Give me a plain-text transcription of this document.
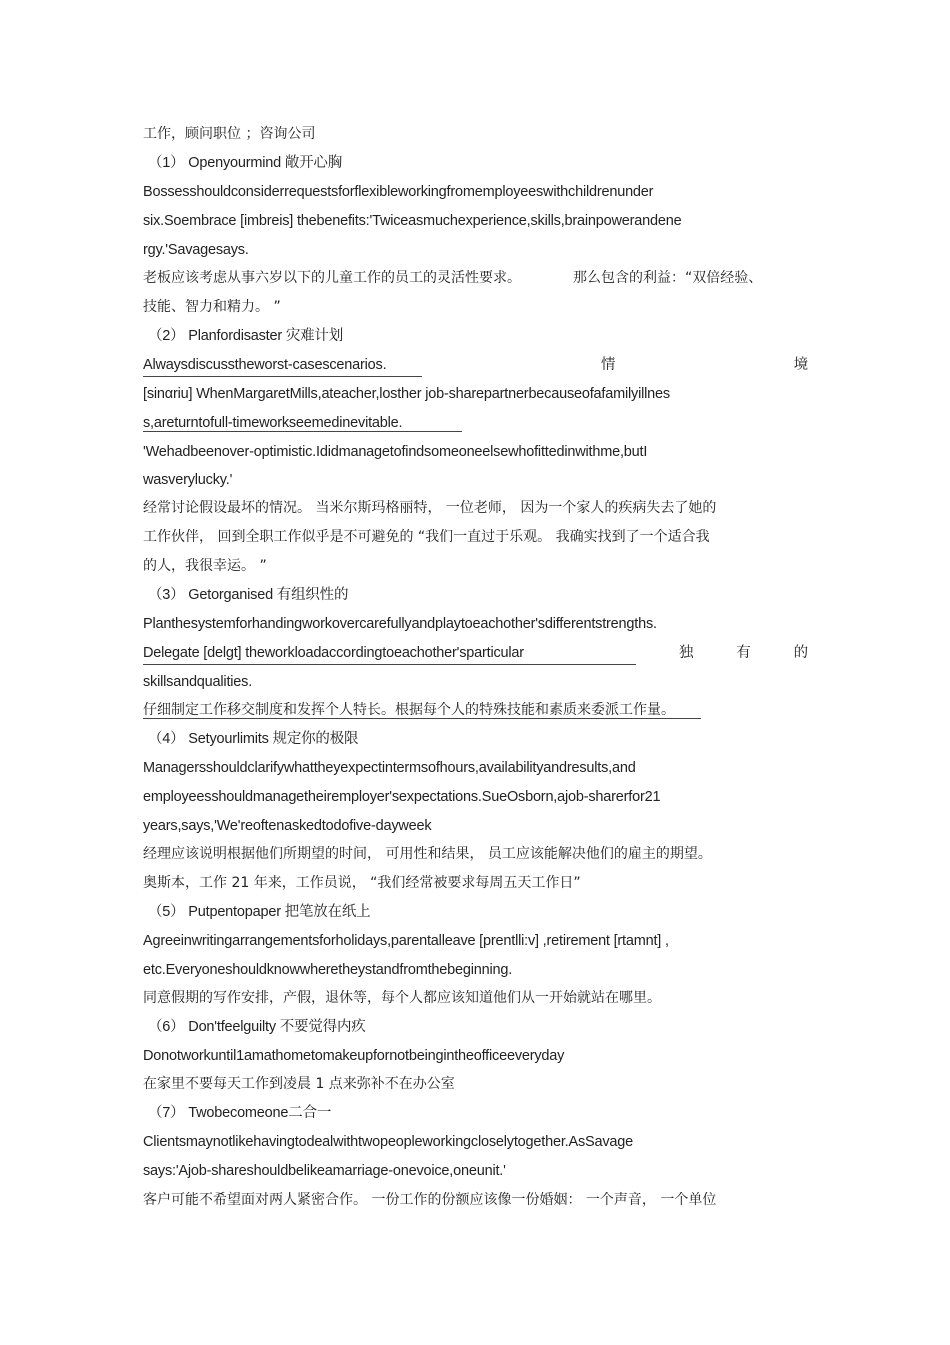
工作，顾问职位 ；咨询公司
（1） Openyourmind 敞开心胸
Bossesshouldconsiderrequestsforflexibleworkingfromemployeeswithchildrenunder
six.Soembrace [imbreis] thebenefits:'Twiceasmuchexperience,skills,brainpowerandene
rgy.'Savagesays.
老板应该考虑从事六岁以下的儿童工作的员工的灵活性要求。	那么包含的利益：“双倍经验、
技能、智力和精力。 ”
（2） Planfordisaster 灾难计划
Alwaysdiscusstheworst-casescenarios.	情	境
[sinαriu] WhenMargaretMills,ateacher,losther job-sharepartnerbecauseofafamilyillnes
s,areturntofull-timeworkseemedinevitable.
'Wehadbeenover-optimistic.Ididmanagetofindsomeoneelsewhofittedinwithme,butI
wasverylucky.'
经常讨论假设最坏的情况。 当米尔斯玛格丽特， 一位老师， 因为一个家人的疾病失去了她的
工作伙伴， 回到全职工作似乎是不可避免的 “我们一直过于乐观。 我确实找到了一个适合我
的人，我很幸运。 ”
（3） Getorganised 有组织性的
Planthesystemforhandingworkovercarefullyandplaytoeachother'sdifferentstrengths.
Delegate [delgt] theworkloadaccordingtoeachother'sparticular	独	有	的
skillsandqualities.
仔细制定工作移交制度和发挥个人特长。根据每个人的特殊技能和素质来委派工作量。
（4） Setyourlimits 规定你的极限
Managersshouldclarifywhattheyexpectintermsofhours,availabilityandresults,and
employeesshouldmanagetheiremployer'sexpectations.SueOsborn,ajob-sharerfor21
years,says,'We'reoftenaskedtodofive-dayweek
经理应该说明根据他们所期望的时间， 可用性和结果， 员工应该能解决他们的雇主的期望。
奥斯本，工作 21 年来，工作员说， “我们经常被要求每周五天工作日”
（5） Putpentopaper 把笔放在纸上
Agreeinwritingarrangementsforholidays,parentalleave [prentlli:v] ,retirement [rtamnt] ,
etc.Everyoneshouldknowwheretheystandfromthebeginning.
同意假期的写作安排，产假，退休等，每个人都应该知道他们从一开始就站在哪里。
（6） Don'tfeelguilty 不要觉得内疚
Donotworkuntil1amathometomakeupfornotbeingintheofficeeveryday
在家里不要每天工作到凌晨 1 点来弥补不在办公室
（7） Twobecomeone二合一
Clientsmaynotlikehavingtodealwithtwopeopleworkingcloselytogether.AsSavage
says:'Ajob-shareshouldbelikeamarriage-onevoice,oneunit.'
客户可能不希望面对两人紧密合作。 一份工作的份额应该像一份婚姻： 一个声音， 一个单位
